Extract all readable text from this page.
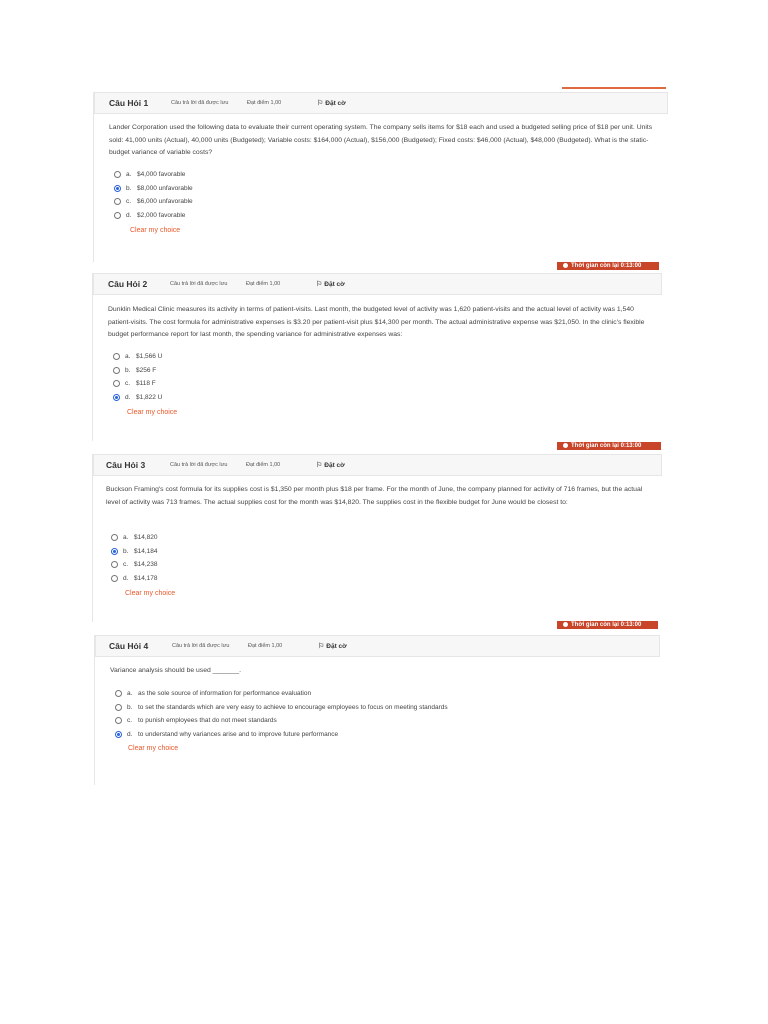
Câu Hỏi 1	Câu trả lời đã được lưu	Đạt điểm 1,00	⚐ Đặt cờ
Lander Corporation used the following data to evaluate their current operating system. The company sells items for $18 each and used a budgeted selling price of $18 per unit. Units sold: 41,000 units (Actual), 40,000 units (Budgeted); Variable costs: $164,000 (Actual), $156,000 (Budgeted); Fixed costs: $46,000 (Actual), $48,000 (Budgeted). What is the static-budget variance of variable costs?
a. $4,000 favorable
b. $8,000 unfavorable
c. $6,000 unfavorable
d. $2,000 favorable
Clear my choice
Thời gian còn lại 0:13:00
Câu Hỏi 2	Câu trả lời đã được lưu	Đạt điểm 1,00	⚐ Đặt cờ
Dunklin Medical Clinic measures its activity in terms of patient-visits. Last month, the budgeted level of activity was 1,620 patient-visits and the actual level of activity was 1,540 patient-visits. The cost formula for administrative expenses is $3.20 per patient-visit plus $14,300 per month. The actual administrative expense was $21,050. In the clinic's flexible budget performance report for last month, the spending variance for administrative expenses was:
a. $1,566 U
b. $256 F
c. $118 F
d. $1,822 U
Clear my choice
Thời gian còn lại 0:13:00
Câu Hỏi 3	Câu trả lời đã được lưu	Đạt điểm 1,00	⚐ Đặt cờ
Buckson Framing's cost formula for its supplies cost is $1,350 per month plus $18 per frame. For the month of June, the company planned for activity of 716 frames, but the actual level of activity was 713 frames. The actual supplies cost for the month was $14,820. The supplies cost in the flexible budget for June would be closest to:
a. $14,820
b. $14,184
c. $14,238
d. $14,178
Clear my choice
Thời gian còn lại 0:13:00
Câu Hỏi 4	Câu trả lời đã được lưu	Đạt điểm 1,00	⚐ Đặt cờ
Variance analysis should be used _______.
a. as the sole source of information for performance evaluation
b. to set the standards which are very easy to achieve to encourage employees to focus on meeting standards
c. to punish employees that do not meet standards
d. to understand why variances arise and to improve future performance
Clear my choice
